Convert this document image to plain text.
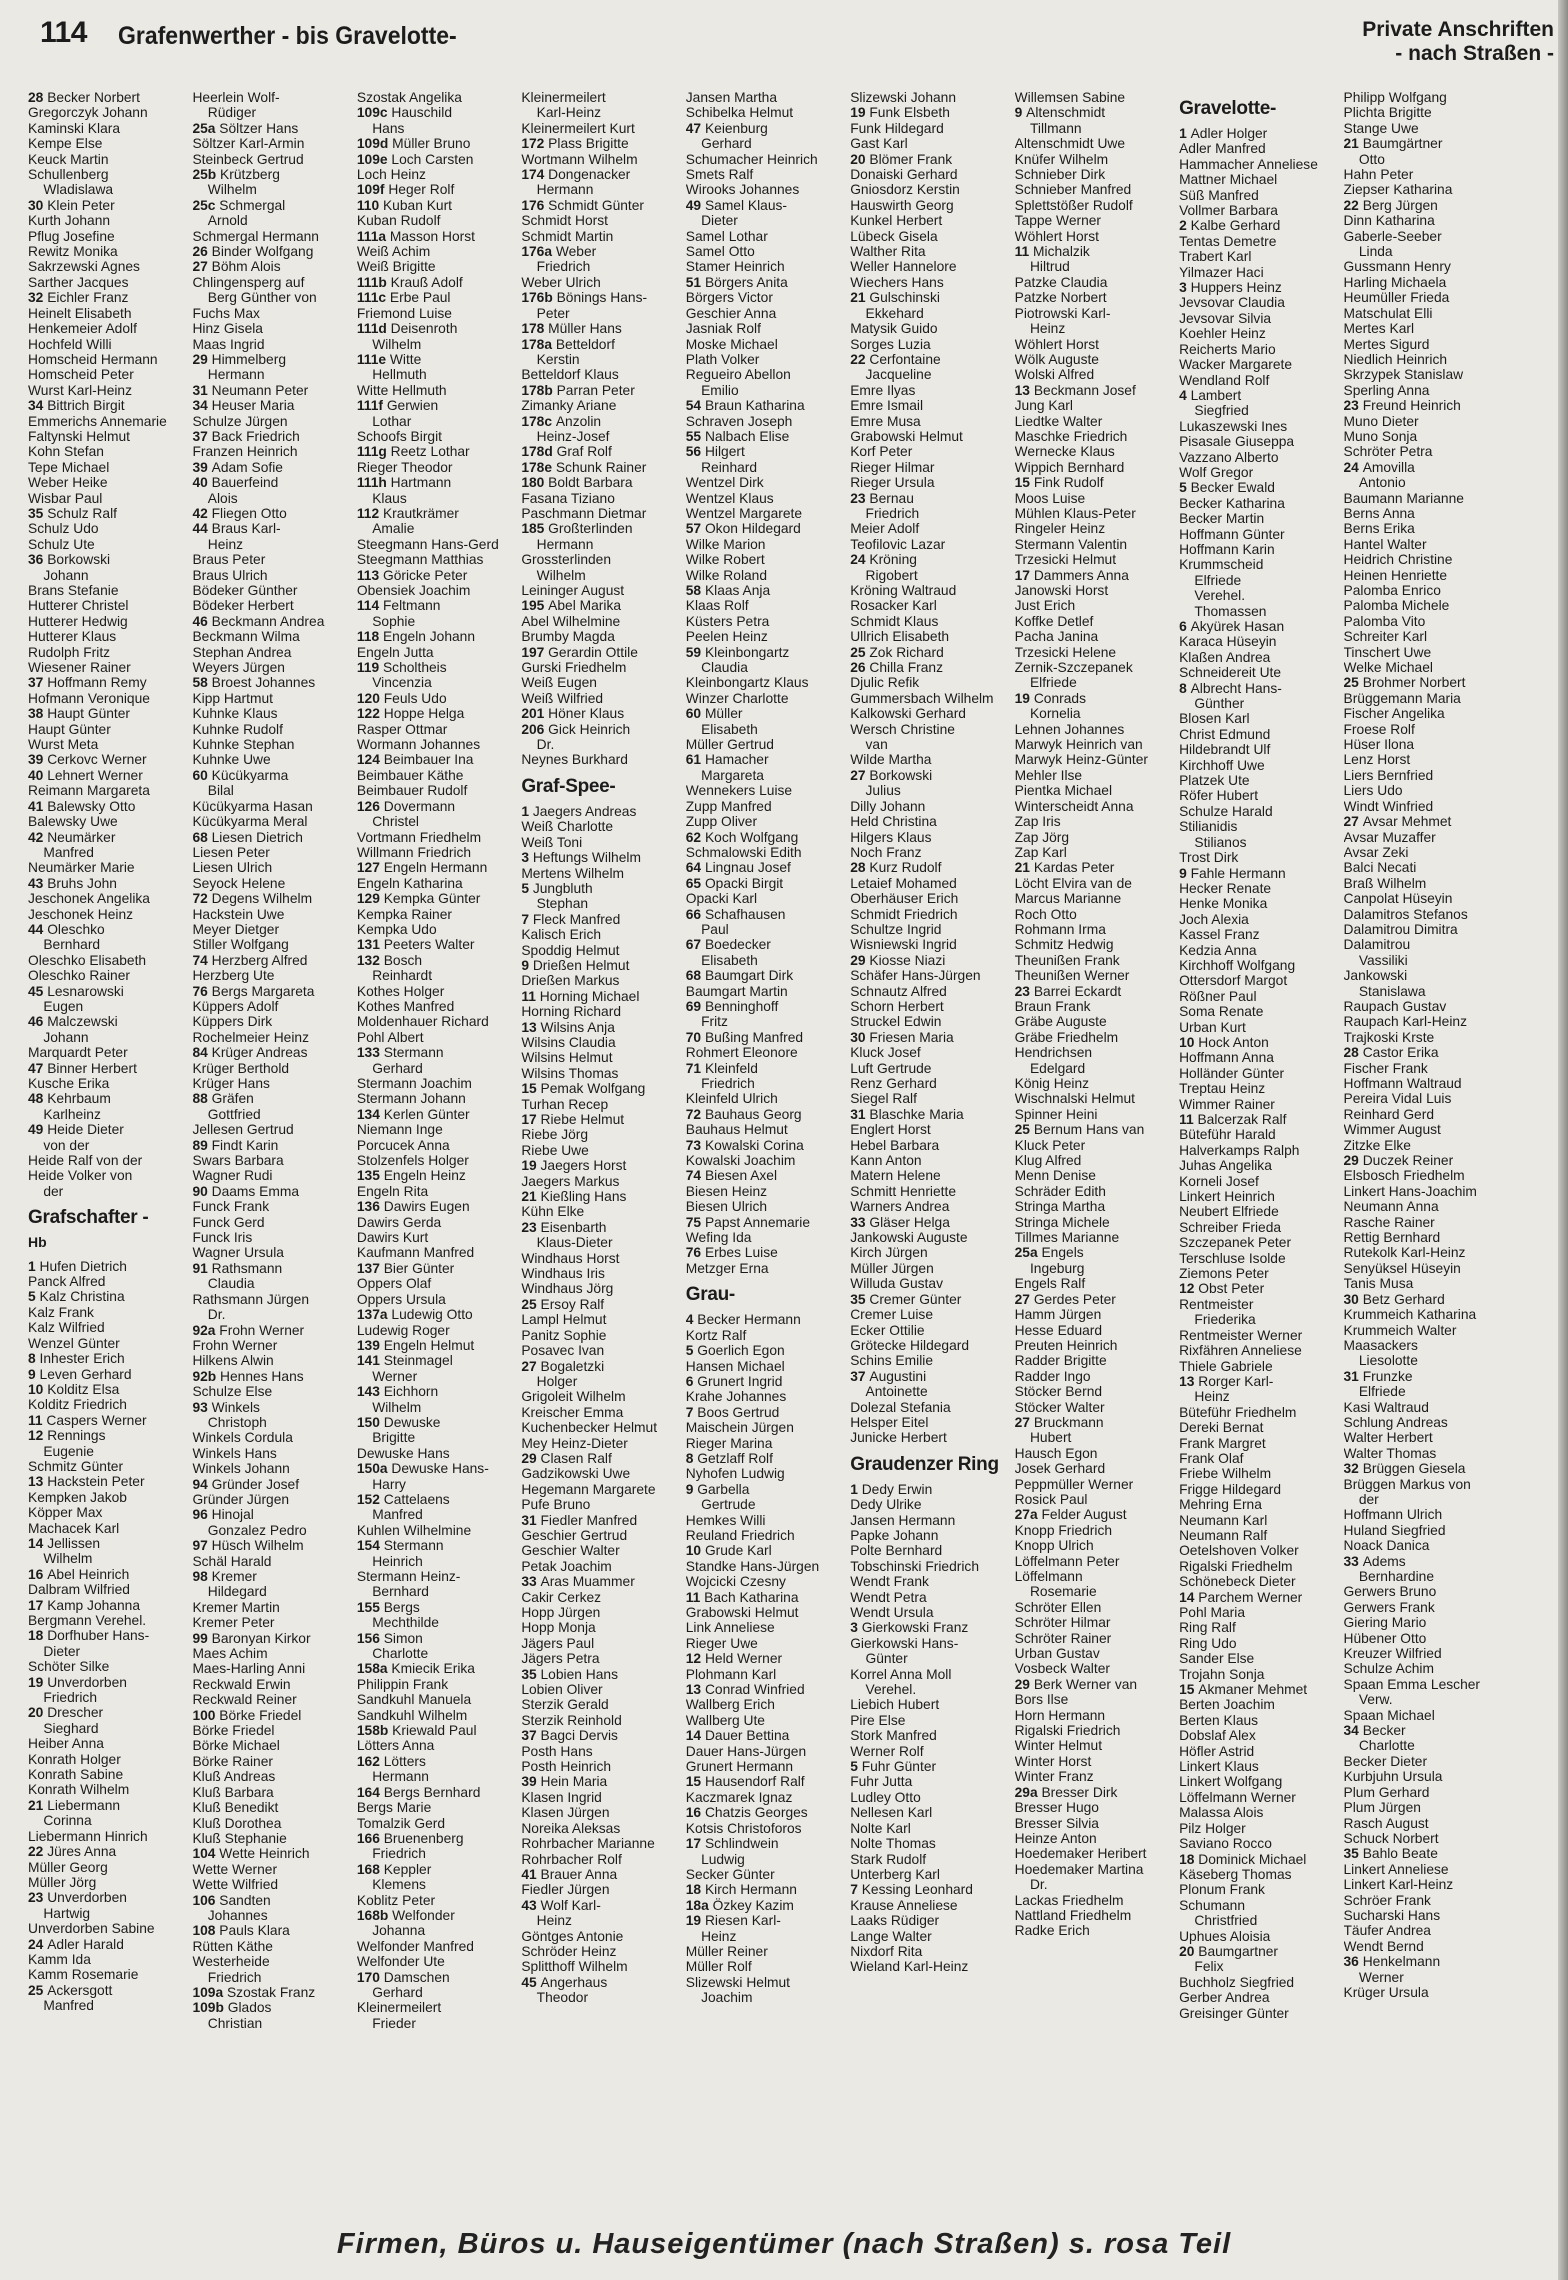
114 Grafenwerther - bis Gravelotte-	Private Anschriften
- nach Straßen -
28 Becker Norbert
Gregorczyk Johann
Kaminski Klara
Kempe Else
Keuck Martin
Schullenberg
Wladislawa
30 Klein Peter
Kurth Johann
Pflug Josefine
Rewitz Monika
Sakrzewski Agnes
Sarther Jacques
32 Eichler Franz
Heinelt Elisabeth
Henkemeier Adolf
Hochfeld Willi
Homscheid Hermann
Homscheid Peter
Wurst Karl-Heinz
34 Bittrich Birgit
Emmerichs Annemarie
Faltynski Helmut
Kohn Stefan
Tepe Michael
Weber Heike
Wisbar Paul
35 Schulz Ralf
Schulz Udo
Schulz Ute
36 Borkowski
Johann
Brans Stefanie
Hutterer Christel
Hutterer Hedwig
Hutterer Klaus
Rudolph Fritz
Wiesener Rainer
37 Hoffmann Remy
Hofmann Veronique
38 Haupt Günter
Haupt Günter
Wurst Meta
39 Cerkovc Werner
40 Lehnert Werner
Reimann Margareta
41 Balewsky Otto
Balewsky Uwe
42 Neumärker
Manfred
Neumärker Marie
43 Bruhs John
Jeschonek Angelika
Jeschonek Heinz
44 Oleschko
Bernhard
Oleschko Elisabeth
Oleschko Rainer
45 Lesnarowski
Eugen
46 Malczewski
Johann
Marquardt Peter
47 Binner Herbert
Kusche Erika
48 Kehrbaum
Karlheinz
49 Heide Dieter
von der
Heide Ralf von der
Heide Volker von
der
Grafschafter -
Hb
1 Hufen Dietrich
Panck Alfred
5 Kalz Christina
Kalz Frank
Kalz Wilfried
Wenzel Günter
8 Inhester Erich
9 Leven Gerhard
10 Kolditz Elsa
Kolditz Friedrich
11 Caspers Werner
12 Rennings
Eugenie
Schmitz Günter
13 Hackstein Peter
Kempken Jakob
Köpper Max
Machacek Karl
14 Jellissen
Wilhelm
16 Abel Heinrich
Dalbram Wilfried
17 Kamp Johanna
Bergmann Verehel.
18 Dorfhuber Hans-
Dieter
Schöter Silke
19 Unverdorben
Friedrich
20 Drescher
Sieghard
Heiber Anna
Konrath Holger
Konrath Sabine
Konrath Wilhelm
21 Liebermann
Corinna
Liebermann Hinrich
22 Jüres Anna
Müller Georg
Müller Jörg
23 Unverdorben
Hartwig
Unverdorben Sabine
24 Adler Harald
Kamm Ida
Kamm Rosemarie
25 Ackersgott
Manfred
Heerlein Wolf-
Rüdiger
25a Söltzer Hans
Söltzer Karl-Armin
Steinbeck Gertrud
25b Krützberg
Wilhelm
25c Schmergal
Arnold
Schmergal Hermann
26 Binder Wolfgang
27 Böhm Alois
Chlingensperg auf
Berg Günther von
Fuchs Max
Hinz Gisela
Maas Ingrid
29 Himmelberg
Hermann
31 Neumann Peter
34 Heuser Maria
Schulze Jürgen
37 Back Friedrich
Franzen Heinrich
39 Adam Sofie
40 Bauerfeind
Alois
42 Fliegen Otto
44 Braus Karl-
Heinz
Braus Peter
Braus Ulrich
Bödeker Günther
Bödeker Herbert
46 Beckmann Andrea
Beckmann Wilma
Stephan Andrea
Weyers Jürgen
58 Broest Johannes
Kipp Hartmut
Kuhnke Klaus
Kuhnke Rudolf
Kuhnke Stephan
Kuhnke Uwe
60 Kücükyarma
Bilal
Kücükyarma Hasan
Kücükyarma Meral
68 Liesen Dietrich
Liesen Peter
Liesen Ulrich
Seyock Helene
72 Degens Wilhelm
Hackstein Uwe
Meyer Dietger
Stiller Wolfgang
74 Herzberg Alfred
Herzberg Ute
76 Bergs Margareta
Küppers Adolf
Küppers Dirk
Rochelmeier Heinz
84 Krüger Andreas
Krüger Berthold
Krüger Hans
88 Gräfen
Gottfried
Jellesen Gertrud
89 Findt Karin
Swars Barbara
Wagner Rudi
90 Daams Emma
Funck Frank
Funck Gerd
Funck Iris
Wagner Ursula
91 Rathsmann
Claudia
Rathsmann Jürgen
Dr.
92a Frohn Werner
Frohn Werner
Hilkens Alwin
92b Hennes Hans
Schulze Else
93 Winkels
Christoph
Winkels Cordula
Winkels Hans
Winkels Johann
94 Gründer Josef
Gründer Jürgen
96 Hinojal
Gonzalez Pedro
97 Hüsch Wilhelm
Schäl Harald
98 Kremer
Hildegard
Kremer Martin
Kremer Peter
99 Baronyan Kirkor
Maes Achim
Maes-Harling Anni
Reckwald Erwin
Reckwald Reiner
100 Börke Friedel
Börke Friedel
Börke Michael
Börke Rainer
Kluß Andreas
Kluß Barbara
Kluß Benedikt
Kluß Dorothea
Kluß Stephanie
104 Wette Heinrich
Wette Werner
Wette Wilfried
106 Sandten
Johannes
108 Pauls Klara
Rütten Käthe
Westerheide
Friedrich
109a Szostak Franz
109b Glados
Christian
Szostak Angelika
109c Hauschild
Hans
109d Müller Bruno
109e Loch Carsten
Loch Heinz
109f Heger Rolf
110 Kuban Kurt
Kuban Rudolf
111a Masson Horst
Weiß Achim
Weiß Brigitte
111b Krauß Adolf
111c Erbe Paul
Friemond Luise
111d Deisenroth
Wilhelm
111e Witte
Hellmuth
Witte Hellmuth
111f Gerwien
Lothar
Schoofs Birgit
111g Reetz Lothar
Rieger Theodor
111h Hartmann
Klaus
112 Krautkrämer
Amalie
Steegmann Hans-Gerd
Steegmann Matthias
113 Göricke Peter
Obensiek Joachim
114 Feltmann
Sophie
118 Engeln Johann
Engeln Jutta
119 Scholtheis
Vincenzia
120 Feuls Udo
122 Hoppe Helga
Rasper Ottmar
Wormann Johannes
124 Beimbauer Ina
Beimbauer Käthe
Beimbauer Rudolf
126 Dovermann
Christel
Vortmann Friedhelm
Willmann Friedrich
127 Engeln Hermann
Engeln Katharina
129 Kempka Günter
Kempka Rainer
Kempka Udo
131 Peeters Walter
132 Bosch
Reinhardt
Kothes Holger
Kothes Manfred
Moldenhauer Richard
Pohl Albert
133 Stermann
Gerhard
Stermann Joachim
Stermann Johann
134 Kerlen Günter
Niemann Inge
Porcucek Anna
Stolzenfels Holger
135 Engeln Heinz
Engeln Rita
136 Dawirs Eugen
Dawirs Gerda
Dawirs Kurt
Kaufmann Manfred
137 Bier Günter
Oppers Olaf
Oppers Ursula
137a Ludewig Otto
Ludewig Roger
139 Engeln Helmut
141 Steinmagel
Werner
143 Eichhorn
Wilhelm
150 Dewuske
Brigitte
Dewuske Hans
150a Dewuske Hans-
Harry
152 Cattelaens
Manfred
Kuhlen Wilhelmine
154 Stermann
Heinrich
Stermann Heinz-
Bernhard
155 Bergs
Mechthilde
156 Simon
Charlotte
158a Kmiecik Erika
Philippin Frank
Sandkuhl Manuela
Sandkuhl Wilhelm
158b Kriewald Paul
Lötters Anna
162 Lötters
Hermann
164 Bergs Bernhard
Bergs Marie
Tomalzik Gerd
166 Bruenenberg
Friedrich
168 Keppler
Klemens
Koblitz Peter
168b Welfonder
Johanna
Welfonder Manfred
Welfonder Ute
170 Damschen
Gerhard
Kleinermeilert
Frieder
Kleinermeilert
Karl-Heinz
Kleinermeilert Kurt
172 Plass Brigitte
Wortmann Wilhelm
174 Dongenacker
Hermann
176 Schmidt Günter
Schmidt Horst
Schmidt Martin
176a Weber
Friedrich
Weber Ulrich
176b Bönings Hans-
Peter
178 Müller Hans
178a Betteldorf
Kerstin
Betteldorf Klaus
178b Parran Peter
Zimanky Ariane
178c Anzolin
Heinz-Josef
178d Graf Rolf
178e Schunk Rainer
180 Boldt Barbara
Fasana Tiziano
Paschmann Dietmar
185 Großterlinden
Hermann
Grossterlinden
Wilhelm
Leininger August
195 Abel Marika
Abel Wilhelmine
Brumby Magda
197 Gerardin Ottile
Gurski Friedhelm
Weiß Eugen
Weiß Wilfried
201 Höner Klaus
206 Gick Heinrich
Dr.
Neynes Burkhard
Graf-Spee-
1 Jaegers Andreas
Weiß Charlotte
Weiß Toni
3 Heftungs Wilhelm
Mertens Wilhelm
5 Jungbluth
Stephan
7 Fleck Manfred
Kalisch Erich
Spoddig Helmut
9 Drießen Helmut
Drießen Markus
11 Horning Michael
Horning Richard
13 Wilsins Anja
Wilsins Claudia
Wilsins Helmut
Wilsins Thomas
15 Pemak Wolfgang
Turhan Recep
17 Riebe Helmut
Riebe Jörg
Riebe Uwe
19 Jaegers Horst
Jaegers Markus
21 Kießling Hans
Kühn Elke
23 Eisenbarth
Klaus-Dieter
Windhaus Horst
Windhaus Iris
Windhaus Jörg
25 Ersoy Ralf
Lampl Helmut
Panitz Sophie
Posavec Ivan
27 Bogaletzki
Holger
Grigoleit Wilhelm
Kreischer Emma
Kuchenbecker Helmut
Mey Heinz-Dieter
29 Clasen Ralf
Gadzikowski Uwe
Hegemann Margarete
Pufe Bruno
31 Fiedler Manfred
Geschier Gertrud
Geschier Walter
Petak Joachim
33 Aras Muammer
Cakir Cerkez
Hopp Jürgen
Hopp Monja
Jägers Paul
Jägers Petra
35 Lobien Hans
Lobien Oliver
Sterzik Gerald
Sterzik Reinhold
37 Bagci Dervis
Posth Hans
Posth Heinrich
39 Hein Maria
Klasen Ingrid
Klasen Jürgen
Noreika Aleksas
Rohrbacher Marianne
Rohrbacher Rolf
41 Brauer Anna
Fiedler Jürgen
43 Wolf Karl-
Heinz
Göntges Antonie
Schröder Heinz
Splitthoff Wilhelm
45 Angerhaus
Theodor
Jansen Martha
Schibelka Helmut
47 Keienburg
Gerhard
Schumacher Heinrich
Smets Ralf
Wirooks Johannes
49 Samel Klaus-
Dieter
Samel Lothar
Samel Otto
Stamer Heinrich
51 Börgers Anita
Börgers Victor
Geschier Anna
Jasniak Rolf
Moske Michael
Plath Volker
Regueiro Abellon
Emilio
54 Braun Katharina
Schraven Joseph
55 Nalbach Elise
56 Hilgert
Reinhard
Wentzel Dirk
Wentzel Klaus
Wentzel Margarete
57 Okon Hildegard
Wilke Marion
Wilke Robert
Wilke Roland
58 Klaas Anja
Klaas Rolf
Küsters Petra
Peelen Heinz
59 Kleinbongartz
Claudia
Kleinbongartz Klaus
Winzer Charlotte
60 Müller
Elisabeth
Müller Gertrud
61 Hamacher
Margareta
Wennekers Luise
Zupp Manfred
Zupp Oliver
62 Koch Wolfgang
Schmalowski Edith
64 Lingnau Josef
65 Opacki Birgit
Opacki Karl
66 Schafhausen
Paul
67 Boedecker
Elisabeth
68 Baumgart Dirk
Baumgart Martin
69 Benninghoff
Fritz
70 Bußing Manfred
Rohmert Eleonore
71 Kleinfeld
Friedrich
Kleinfeld Ulrich
72 Bauhaus Georg
Bauhaus Helmut
73 Kowalski Corina
Kowalski Joachim
74 Biesen Axel
Biesen Heinz
Biesen Ulrich
75 Papst Annemarie
Wefing Ida
76 Erbes Luise
Metzger Erna
Grau-
4 Becker Hermann
Kortz Ralf
5 Goerlich Egon
Hansen Michael
6 Grunert Ingrid
Krahe Johannes
7 Boos Gertrud
Maischein Jürgen
Rieger Marina
8 Getzlaff Rolf
Nyhofen Ludwig
9 Garbella
Gertrude
Hemkes Willi
Reuland Friedrich
10 Grude Karl
Standke Hans-Jürgen
Wojcicki Czesny
11 Bach Katharina
Grabowski Helmut
Link Anneliese
Rieger Uwe
12 Held Werner
Plohmann Karl
13 Conrad Winfried
Wallberg Erich
Wallberg Ute
14 Dauer Bettina
Dauer Hans-Jürgen
Grunert Hermann
15 Hausendorf Ralf
Kaczmarek Ignaz
16 Chatzis Georges
Kotsis Christoforos
17 Schlindwein
Ludwig
Secker Günter
18 Kirch Hermann
18a Özkey Kazim
19 Riesen Karl-
Heinz
Müller Reiner
Müller Rolf
Slizewski Helmut
Joachim
Slizewski Johann
19 Funk Elsbeth
Funk Hildegard
Gast Karl
20 Blömer Frank
Donaiski Gerhard
Gniosdorz Kerstin
Hauswirth Georg
Kunkel Herbert
Lübeck Gisela
Walther Rita
Weller Hannelore
Wiechers Hans
21 Gulschinski
Ekkehard
Matysik Guido
Sorges Luzia
22 Cerfontaine
Jacqueline
Emre Ilyas
Emre Ismail
Emre Musa
Grabowski Helmut
Korf Peter
Rieger Hilmar
Rieger Ursula
23 Bernau
Friedrich
Meier Adolf
Teofilovic Lazar
24 Kröning
Rigobert
Kröning Waltraud
Rosacker Karl
Schmidt Klaus
Ullrich Elisabeth
25 Zok Richard
26 Chilla Franz
Djulic Refik
Gummersbach Wilhelm
Kalkowski Gerhard
Wersch Christine
van
Wilde Martha
27 Borkowski
Julius
Dilly Johann
Held Christina
Hilgers Klaus
Noch Franz
28 Kurz Rudolf
Letaief Mohamed
Oberhäuser Erich
Schmidt Friedrich
Schultze Ingrid
Wisniewski Ingrid
29 Kiosse Niazi
Schäfer Hans-Jürgen
Schnautz Alfred
Schorn Herbert
Struckel Edwin
30 Friesen Maria
Kluck Josef
Luft Gertrude
Renz Gerhard
Siegel Ralf
31 Blaschke Maria
Englert Horst
Hebel Barbara
Kann Anton
Matern Helene
Schmitt Henriette
Warners Andrea
33 Gläser Helga
Jankowski Auguste
Kirch Jürgen
Müller Jürgen
Willuda Gustav
35 Cremer Günter
Cremer Luise
Ecker Ottilie
Grötecke Hildegard
Schins Emilie
37 Augustini
Antoinette
Dolezal Stefania
Helsper Eitel
Junicke Herbert
Graudenzer Ring
1 Dedy Erwin
Dedy Ulrike
Jansen Hermann
Papke Johann
Polte Bernhard
Tobschinski Friedrich
Wendt Frank
Wendt Petra
Wendt Ursula
3 Gierkowski Franz
Gierkowski Hans-
Günter
Korrel Anna Moll
Verehel.
Liebich Hubert
Pire Else
Stork Manfred
Werner Rolf
5 Fuhr Günter
Fuhr Jutta
Ludley Otto
Nellesen Karl
Nolte Karl
Nolte Thomas
Stark Rudolf
Unterberg Karl
7 Kessing Leonhard
Krause Anneliese
Laaks Rüdiger
Lange Walter
Nixdorf Rita
Wieland Karl-Heinz
Willemsen Sabine
9 Altenschmidt
Tillmann
Altenschmidt Uwe
Knüfer Wilhelm
Schnieber Dirk
Schnieber Manfred
Splettstößer Rudolf
Tappe Werner
Wöhlert Horst
11 Michalzik
Hiltrud
Patzke Claudia
Patzke Norbert
Piotrowski Karl-
Heinz
Wöhlert Horst
Wölk Auguste
Wolski Alfred
13 Beckmann Josef
Jung Karl
Liedtke Walter
Maschke Friedrich
Wernecke Klaus
Wippich Bernhard
15 Fink Rudolf
Moos Luise
Mühlen Klaus-Peter
Ringeler Heinz
Stermann Valentin
Trzesicki Helmut
17 Dammers Anna
Janowski Horst
Just Erich
Koffke Detlef
Pacha Janina
Trzesicki Helene
Zernik-Szczepanek
Elfriede
19 Conrads
Kornelia
Lehnen Johannes
Marwyk Heinrich van
Marwyk Heinz-Günter
Mehler Ilse
Pientka Michael
Winterscheidt Anna
Zap Iris
Zap Jörg
Zap Karl
21 Kardas Peter
Löcht Elvira van de
Marcus Marianne
Roch Otto
Rohmann Irma
Schmitz Hedwig
Theunißen Frank
Theunißen Werner
23 Barrei Eckardt
Braun Frank
Gräbe Auguste
Gräbe Friedhelm
Hendrichsen
Edelgard
König Heinz
Wischnalski Helmut
Spinner Heini
25 Bernum Hans van
Kluck Peter
Klug Alfred
Menn Denise
Schräder Edith
Stringa Martha
Stringa Michele
Tillmes Marianne
25a Engels
Ingeburg
Engels Ralf
27 Gerdes Peter
Hamm Jürgen
Hesse Eduard
Preuten Heinrich
Radder Brigitte
Radder Ingo
Stöcker Bernd
Stöcker Walter
27 Bruckmann
Hubert
Hausch Egon
Josek Gerhard
Peppmüller Werner
Rosick Paul
27a Felder August
Knopp Friedrich
Knopp Ulrich
Löffelmann Peter
Löffelmann
Rosemarie
Schröter Ellen
Schröter Hilmar
Schröter Rainer
Urban Gustav
Vosbeck Walter
29 Berk Werner van
Bors Ilse
Horn Hermann
Rigalski Friedrich
Winter Helmut
Winter Horst
Winter Franz
29a Bresser Dirk
Bresser Hugo
Bresser Silvia
Heinze Anton
Hoedemaker Heribert
Hoedemaker Martina
Dr.
Lackas Friedhelm
Nattland Friedhelm
Radke Erich
Gravelotte-
1 Adler Holger
Adler Manfred
Hammacher Anneliese
Mattner Michael
Süß Manfred
Vollmer Barbara
2 Kalbe Gerhard
Tentas Demetre
Trabert Karl
Yilmazer Haci
3 Huppers Heinz
Jevsovar Claudia
Jevsovar Silvia
Koehler Heinz
Reicherts Mario
Wacker Margarete
Wendland Rolf
4 Lambert
Siegfried
Lukaszewski Ines
Pisasale Giuseppa
Vazzano Alberto
Wolf Gregor
5 Becker Ewald
Becker Katharina
Becker Martin
Hoffmann Günter
Hoffmann Karin
Krummscheid
Elfriede
Verehel.
Thomassen
6 Akyürek Hasan
Karaca Hüseyin
Klaßen Andrea
Schneidereit Ute
8 Albrecht Hans-
Günther
Blosen Karl
Christ Edmund
Hildebrandt Ulf
Kirchhoff Uwe
Platzek Ute
Röfer Hubert
Schulze Harald
Stilianidis
Stilianos
Trost Dirk
9 Fahle Hermann
Hecker Renate
Henke Monika
Joch Alexia
Kassel Franz
Kedzia Anna
Kirchhoff Wolfgang
Ottersdorf Margot
Rößner Paul
Soma Renate
Urban Kurt
10 Hock Anton
Hoffmann Anna
Holländer Günter
Treptau Heinz
Wimmer Rainer
11 Balcerzak Ralf
Büteführ Harald
Halverkamps Ralph
Juhas Angelika
Korneli Josef
Linkert Heinrich
Neubert Elfriede
Schreiber Frieda
Szczepanek Peter
Terschluse Isolde
Ziemons Peter
12 Obst Peter
Rentmeister
Friederika
Rentmeister Werner
Rixfähren Anneliese
Thiele Gabriele
13 Rorger Karl-
Heinz
Büteführ Friedhelm
Dereki Bernat
Frank Margret
Frank Olaf
Friebe Wilhelm
Frigge Hildegard
Mehring Erna
Neumann Karl
Neumann Ralf
Oetelshoven Volker
Rigalski Friedhelm
Schönebeck Dieter
14 Parchem Werner
Pohl Maria
Ring Ralf
Ring Udo
Sander Else
Trojahn Sonja
15 Akmaner Mehmet
Berten Joachim
Berten Klaus
Dobslaf Alex
Höfler Astrid
Linkert Klaus
Linkert Wolfgang
Löffelmann Werner
Malassa Alois
Pilz Holger
Saviano Rocco
18 Dominick Michael
Käseberg Thomas
Plonum Frank
Schumann
Christfried
Uphues Aloisia
20 Baumgartner
Felix
Buchholz Siegfried
Gerber Andrea
Greisinger Günter
Philipp Wolfgang
Plichta Brigitte
Stange Uwe
21 Baumgärtner
Otto
Hahn Peter
Ziepser Katharina
22 Berg Jürgen
Dinn Katharina
Gaberle-Seeber
Linda
Gussmann Henry
Harling Michaela
Heumüller Frieda
Matschulat Elli
Mertes Karl
Mertes Sigurd
Niedlich Heinrich
Skrzypek Stanislaw
Sperling Anna
23 Freund Heinrich
Muno Dieter
Muno Sonja
Schröter Petra
24 Amovilla
Antonio
Baumann Marianne
Berns Anna
Berns Erika
Hantel Walter
Heidrich Christine
Heinen Henriette
Palomba Enrico
Palomba Michele
Palomba Vito
Schreiter Karl
Tinschert Uwe
Welke Michael
25 Brohmer Norbert
Brüggemann Maria
Fischer Angelika
Froese Rolf
Hüser Ilona
Lenz Horst
Liers Bernfried
Liers Udo
Windt Winfried
27 Avsar Mehmet
Avsar Muzaffer
Avsar Zeki
Balci Necati
Braß Wilhelm
Canpolat Hüseyin
Dalamitros Stefanos
Dalamitrou Dimitra
Dalamitrou
Vassiliki
Jankowski
Stanislawa
Raupach Gustav
Raupach Karl-Heinz
Trajkoski Krste
28 Castor Erika
Fischer Frank
Hoffmann Waltraud
Pereira Vidal Luis
Reinhard Gerd
Wimmer August
Zitzke Elke
29 Duczek Reiner
Elsbosch Friedhelm
Linkert Hans-Joachim
Neumann Anna
Rasche Rainer
Rettig Bernhard
Rutekolk Karl-Heinz
Senyüksel Hüseyin
Tanis Musa
30 Betz Gerhard
Krummeich Katharina
Krummeich Walter
Maasackers
Liesolotte
31 Frunzke
Elfriede
Kasi Waltraud
Schlung Andreas
Walter Herbert
Walter Thomas
32 Brüggen Giesela
Brüggen Markus von
der
Hoffmann Ulrich
Huland Siegfried
Noack Danica
33 Adems
Bernhardine
Gerwers Bruno
Gerwers Frank
Giering Mario
Hübener Otto
Kreuzer Wilfried
Schulze Achim
Spaan Emma Lescher
Verw.
Spaan Michael
34 Becker
Charlotte
Becker Dieter
Kurbjuhn Ursula
Plum Gerhard
Plum Jürgen
Rasch August
Schuck Norbert
35 Bahlo Beate
Linkert Anneliese
Linkert Karl-Heinz
Schröer Frank
Sucharski Hans
Täufer Andrea
Wendt Bernd
36 Henkelmann
Werner
Krüger Ursula
Firmen, Büros u. Hauseigentümer (nach Straßen) s. rosa Teil
